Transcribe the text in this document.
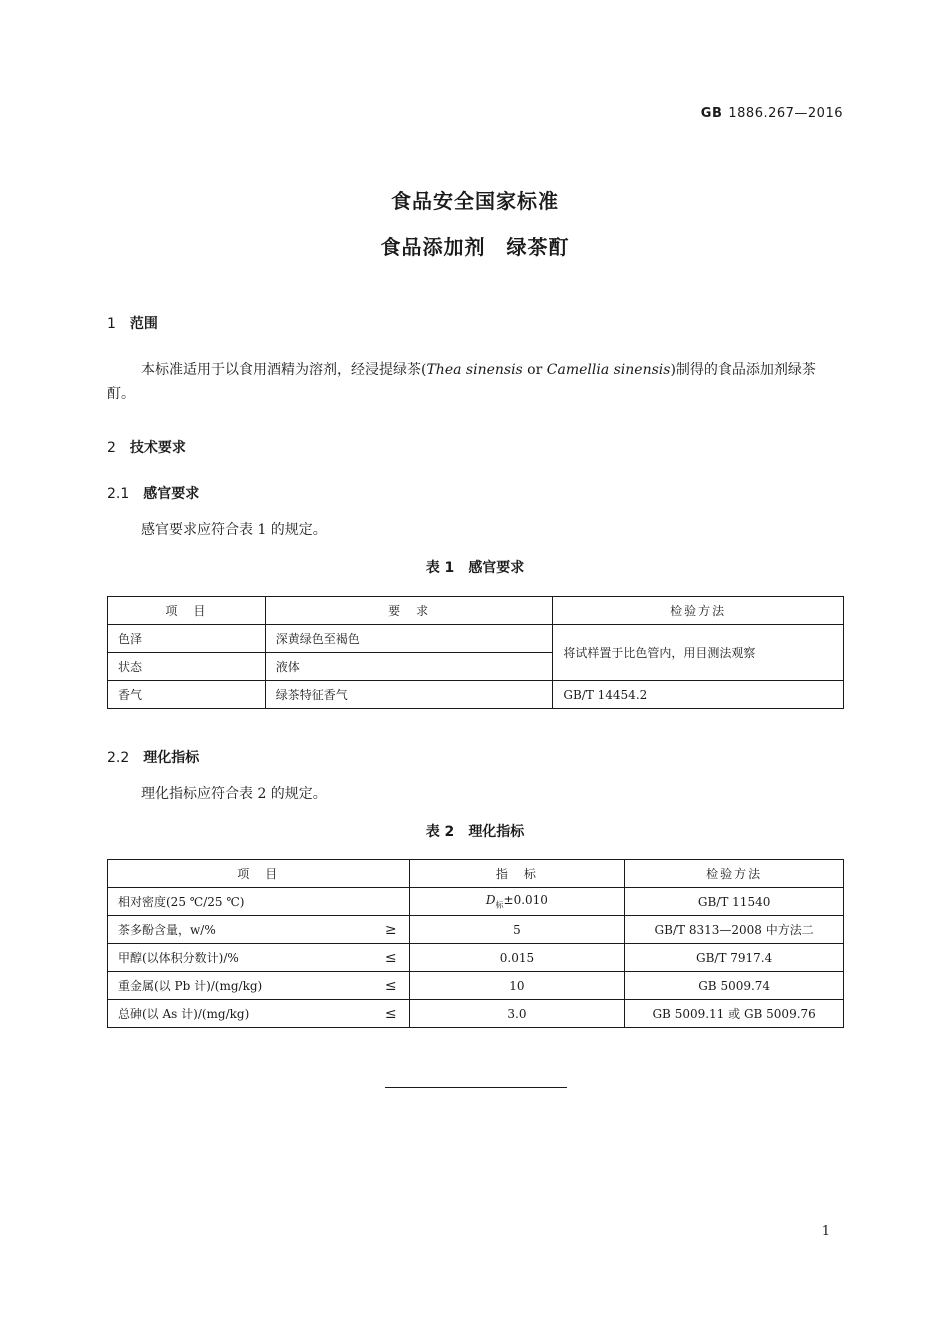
GB 1886.267—2016
食品安全国家标准
食品添加剂　绿茶酊
1 范围
本标准适用于以食用酒精为溶剂，经浸提绿茶(Thea sinensis or Camellia sinensis)制得的食品添加剂绿茶酊。
2 技术要求
2.1 感官要求
感官要求应符合表 1 的规定。
表 1 感官要求
项　目	要　求	检验方法
色泽	深黄绿色至褐色	将试样置于比色管内，用目测法观察
状态	液体	
香气	绿茶特征香气	GB/T 14454.2
2.2 理化指标
理化指标应符合表 2 的规定。
表 2 理化指标
项　目	指　标	检验方法
相对密度(25 ℃/25 ℃)	$D_标\pm 0.010$	GB/T 11540
茶多酚含量，w/% ≥	5	GB/T 8313—2008 中方法二
甲醇(以体积分数计)/% ≤	0.015	GB/T 7917.4
重金属(以 Pb 计)/(mg/kg) ≤	10	GB 5009.74
总砷(以 As 计)/(mg/kg) ≤	3.0	GB 5009.11 或 GB 5009.76
1
